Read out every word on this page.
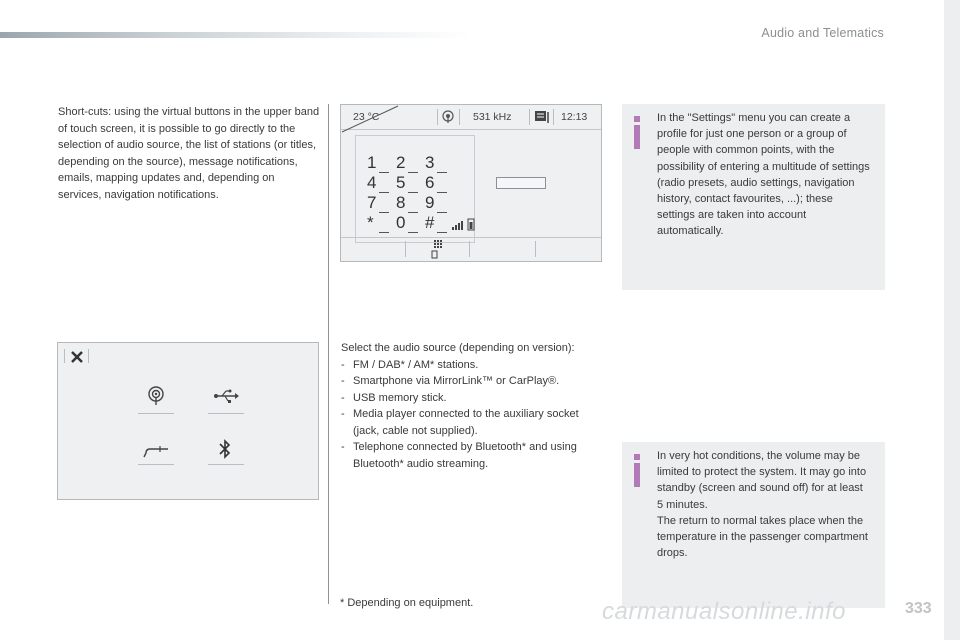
Audio and Telematics
Short-cuts: using the virtual buttons in the upper band of touch screen, it is possible to go directly to the selection of audio source, the list of stations (or titles, depending on the source), message notifications, emails, mapping updates and, depending on services, navigation notifications.
23 °C	531 kHz	12:13
1 2 3
4 5 6
7 8 9
* 0 #
In the "Settings" menu you can create a profile for just one person or a group of people with common points, with the possibility of entering a multitude of settings (radio presets, audio settings, navigation history, contact favourites, ...); these settings are taken into account automatically.
Select the audio source (depending on version):
- FM / DAB* / AM* stations.
- Smartphone via MirrorLink™ or CarPlay®.
- USB memory stick.
- Media player connected to the auxiliary socket (jack, cable not supplied).
- Telephone connected by Bluetooth* and using Bluetooth* audio streaming.
In very hot conditions, the volume may be limited to protect the system. It may go into standby (screen and sound off) for at least 5 minutes.
The return to normal takes place when the temperature in the passenger compartment drops.
* Depending on equipment.	carmanualsonline.info	333
